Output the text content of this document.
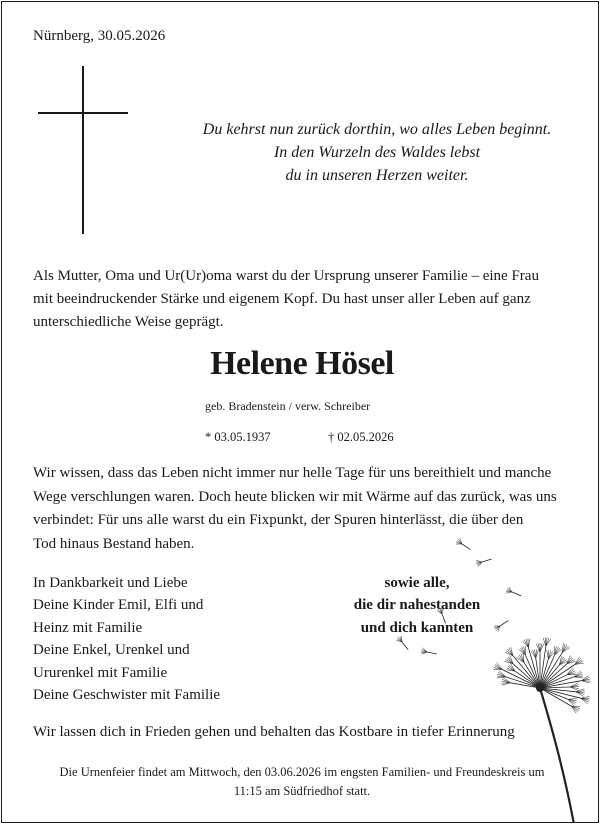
Nürnberg, 30.05.2026
Du kehrst nun zurück dorthin, wo alles Leben beginnt.
In den Wurzeln des Waldes lebst
du in unseren Herzen weiter.
Als Mutter, Oma und Ur(Ur)oma warst du der Ursprung unserer Familie – eine Frau
mit beeindruckender Stärke und eigenem Kopf. Du hast unser aller Leben auf ganz
unterschiedliche Weise geprägt.
Helene Hösel
geb. Bradenstein / verw. Schreiber
* 03.05.1937	† 02.05.2026
Wir wissen, dass das Leben nicht immer nur helle Tage für uns bereithielt und manche
Wege verschlungen waren. Doch heute blicken wir mit Wärme auf das zurück, was uns
verbindet: Für uns alle warst du ein Fixpunkt, der Spuren hinterlässt, die über den
Tod hinaus Bestand haben.
In Dankbarkeit und Liebe
Deine Kinder Emil, Elfi und
Heinz mit Familie
Deine Enkel, Urenkel und
Ururenkel mit Familie
Deine Geschwister mit Familie
sowie alle,
die dir nahestanden
und dich kannten
Wir lassen dich in Frieden gehen und behalten das Kostbare in tiefer Erinnerung
Die Urnenfeier findet am Mittwoch, den 03.06.2026 im engsten Familien- und Freundeskreis um
11:15 am Südfriedhof statt.
